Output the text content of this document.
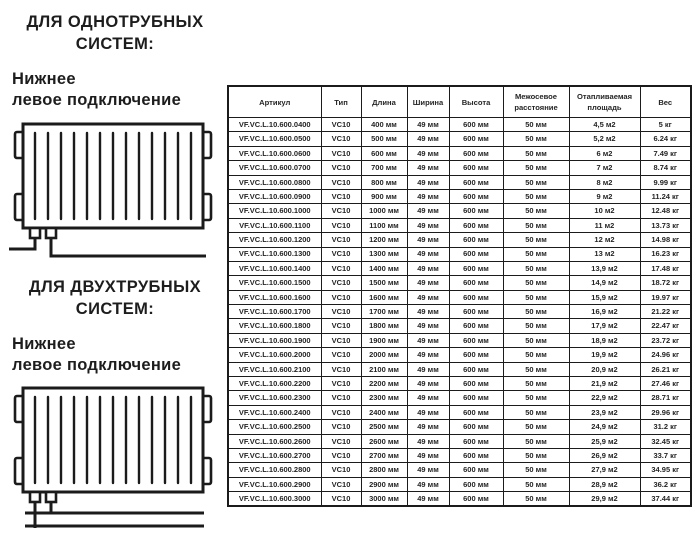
ДЛЯ ОДНОТРУБНЫХ
СИСТЕМ:
Нижнее
левое подключение
ДЛЯ ДВУХТРУБНЫХ
СИСТЕМ:
Нижнее
левое подключение
Артикул	Тип	Длина	Ширина	Высота	Межосевое расстояние	Отапливаемая площадь	Вес
VF.VC.L.10.600.0400	VC10	400 мм	49 мм	600 мм	50 мм	4,5 м2	5 кг
VF.VC.L.10.600.0500	VC10	500 мм	49 мм	600 мм	50 мм	5,2 м2	6.24 кг
VF.VC.L.10.600.0600	VC10	600 мм	49 мм	600 мм	50 мм	6 м2	7.49 кг
VF.VC.L.10.600.0700	VC10	700 мм	49 мм	600 мм	50 мм	7 м2	8.74 кг
VF.VC.L.10.600.0800	VC10	800 мм	49 мм	600 мм	50 мм	8 м2	9.99 кг
VF.VC.L.10.600.0900	VC10	900 мм	49 мм	600 мм	50 мм	9 м2	11.24 кг
VF.VC.L.10.600.1000	VC10	1000 мм	49 мм	600 мм	50 мм	10 м2	12.48 кг
VF.VC.L.10.600.1100	VC10	1100 мм	49 мм	600 мм	50 мм	11 м2	13.73 кг
VF.VC.L.10.600.1200	VC10	1200 мм	49 мм	600 мм	50 мм	12 м2	14.98 кг
VF.VC.L.10.600.1300	VC10	1300 мм	49 мм	600 мм	50 мм	13 м2	16.23 кг
VF.VC.L.10.600.1400	VC10	1400 мм	49 мм	600 мм	50 мм	13,9 м2	17.48 кг
VF.VC.L.10.600.1500	VC10	1500 мм	49 мм	600 мм	50 мм	14,9 м2	18.72 кг
VF.VC.L.10.600.1600	VC10	1600 мм	49 мм	600 мм	50 мм	15,9 м2	19.97 кг
VF.VC.L.10.600.1700	VC10	1700 мм	49 мм	600 мм	50 мм	16,9 м2	21.22 кг
VF.VC.L.10.600.1800	VC10	1800 мм	49 мм	600 мм	50 мм	17,9 м2	22.47 кг
VF.VC.L.10.600.1900	VC10	1900 мм	49 мм	600 мм	50 мм	18,9 м2	23.72 кг
VF.VC.L.10.600.2000	VC10	2000 мм	49 мм	600 мм	50 мм	19,9 м2	24.96 кг
VF.VC.L.10.600.2100	VC10	2100 мм	49 мм	600 мм	50 мм	20,9 м2	26.21 кг
VF.VC.L.10.600.2200	VC10	2200 мм	49 мм	600 мм	50 мм	21,9 м2	27.46 кг
VF.VC.L.10.600.2300	VC10	2300 мм	49 мм	600 мм	50 мм	22,9 м2	28.71 кг
VF.VC.L.10.600.2400	VC10	2400 мм	49 мм	600 мм	50 мм	23,9 м2	29.96 кг
VF.VC.L.10.600.2500	VC10	2500 мм	49 мм	600 мм	50 мм	24,9 м2	31.2 кг
VF.VC.L.10.600.2600	VC10	2600 мм	49 мм	600 мм	50 мм	25,9 м2	32.45 кг
VF.VC.L.10.600.2700	VC10	2700 мм	49 мм	600 мм	50 мм	26,9 м2	33.7 кг
VF.VC.L.10.600.2800	VC10	2800 мм	49 мм	600 мм	50 мм	27,9 м2	34.95 кг
VF.VC.L.10.600.2900	VC10	2900 мм	49 мм	600 мм	50 мм	28,9 м2	36.2 кг
VF.VC.L.10.600.3000	VC10	3000 мм	49 мм	600 мм	50 мм	29,9 м2	37.44 кг
